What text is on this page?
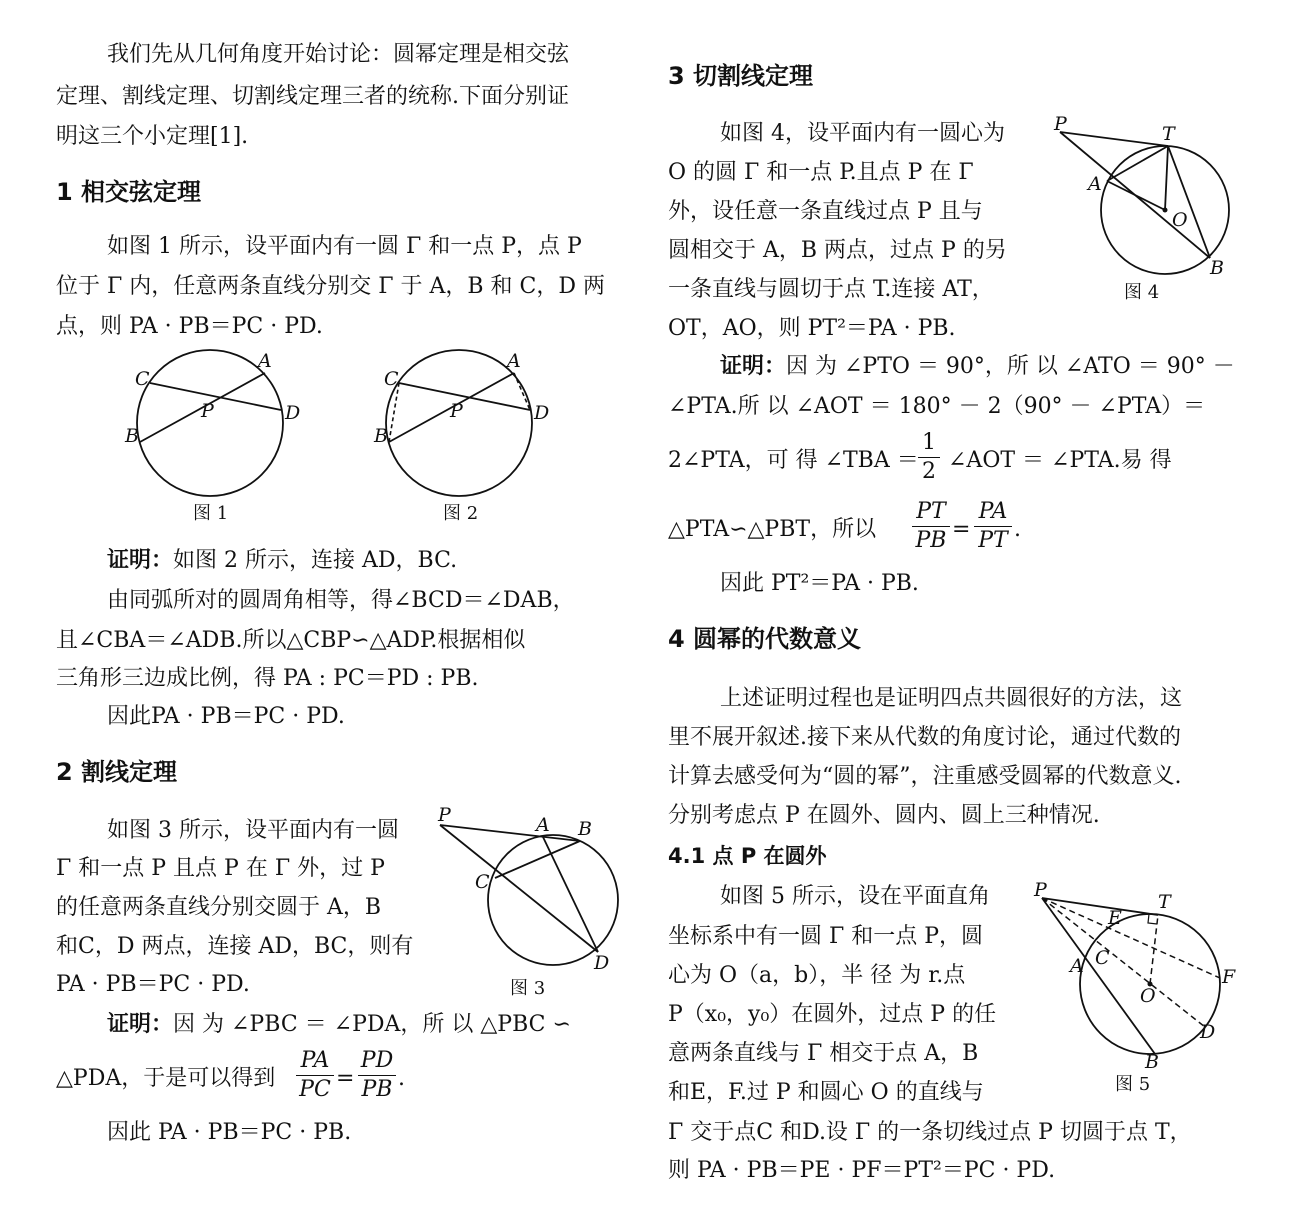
我们先从几何角度开始讨论：圆幂定理是相交弦
定理、割线定理、切割线定理三者的统称.下面分别证
明这三个小定理[1].
1 相交弦定理
如图 1 所示，设平面内有一圆 Γ 和一点 P，点 P
位于 Γ 内，任意两条直线分别交 Γ 于 A，B 和 C，D 两
点，则 PA · PB＝PC · PD.
A
B
C
D
P
图 1
A
B
C
D
P
图 2
证明：如图 2 所示，连接 AD，BC.
由同弧所对的圆周角相等，得∠BCD＝∠DAB，
且∠CBA＝∠ADB.所以△CBP∽△ADP.根据相似
三角形三边成比例，得 PA : PC＝PD : PB.
因此PA · PB＝PC · PD.
2 割线定理
如图 3 所示，设平面内有一圆
Γ 和一点 P 且点 P 在 Γ 外，过 P
的任意两条直线分别交圆于 A，B
和C，D 两点，连接 AD，BC，则有
PA · PB＝PC · PD.
P	A B
C
D
图 3
证明：因 为 ∠PBC ＝ ∠PDA，所 以 △PBC ∽
△PDA，于是可以得到
PA
PC =
PD
PB .
因此 PA · PB＝PC · PB.
3 切割线定理
如图 4，设平面内有一圆心为
O 的圆 Γ 和一点 P.且点 P 在 Γ
外，设任意一条直线过点 P 且与
圆相交于 A，B 两点，过点 P 的另
一条直线与圆切于点 T.连接 AT，
OT，AO，则 PT²＝PA · PB.
P	T
A
O
B
图 4
证明：因 为 ∠PTO ＝ 90°，所 以 ∠ATO ＝ 90° －
∠PTA.所 以 ∠AOT ＝ 180° － 2（90° － ∠PTA）＝
2∠PTA，可 得 ∠TBA ＝
1
2 ∠AOT ＝ ∠PTA.易 得
△PTA∽△PBT，所以
PT
PB =
PA
PT .
因此 PT²＝PA · PB.
4 圆幂的代数意义
上述证明过程也是证明四点共圆很好的方法，这
里不展开叙述.接下来从代数的角度讨论，通过代数的
计算去感受何为“圆的幂”，注重感受圆幂的代数意义.
分别考虑点 P 在圆外、圆内、圆上三种情况.
4.1 点 P 在圆外
如图 5 所示，设在平面直角
坐标系中有一圆 Γ 和一点 P，圆
心为 O（a，b），半 径 为 r.点
P（x₀，y₀）在圆外，过点 P 的任
意两条直线与 Γ 相交于点 A，B
和E，F.过 P 和圆心 O 的直线与
Γ 交于点C 和D.设 Γ 的一条切线过点 P 切圆于点 T，
则 PA · PB＝PE · PF＝PT²＝PC · PD.
P
E
T
A C
F
O
D
B
图 5
